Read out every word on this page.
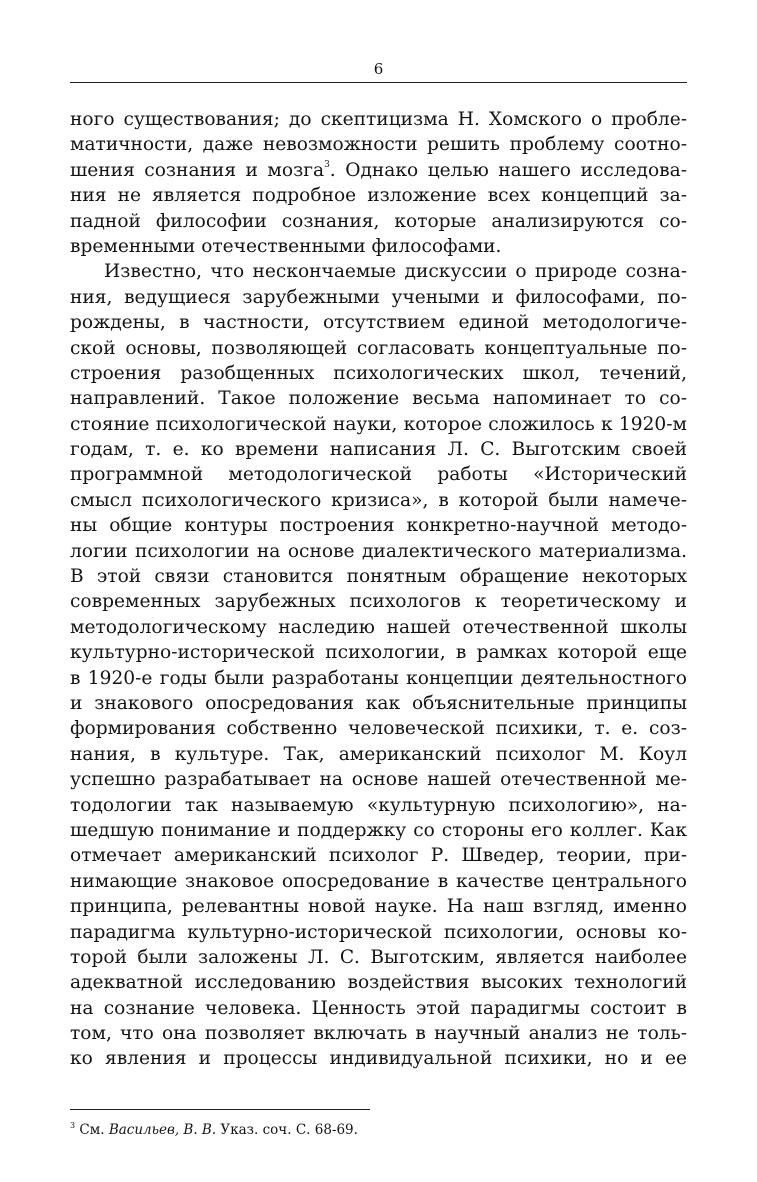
6
ного существования; до скептицизма Н. Хомского о пробле-
матичности, даже невозможности решить проблему соотно-
шения сознания и мозга$^3$. Однако целью нашего исследова-
ния не является подробное изложение всех концепций за-
падной философии сознания, которые анализируются со-
временными отечественными философами.
Известно, что нескончаемые дискуссии о природе созна-
ния, ведущиеся зарубежными учеными и философами, по-
рождены, в частности, отсутствием единой методологиче-
ской основы, позволяющей согласовать концептуальные по-
строения разобщенных психологических школ, течений,
направлений. Такое положение весьма напоминает то со-
стояние психологической науки, которое сложилось к 1920-м
годам, т. е. ко времени написания Л. С. Выготским своей
программной методологической работы «Исторический
смысл психологического кризиса», в которой были намече-
ны общие контуры построения конкретно-научной методо-
логии психологии на основе диалектического материализма.
В этой связи становится понятным обращение некоторых
современных зарубежных психологов к теоретическому и
методологическому наследию нашей отечественной школы
культурно-исторической психологии, в рамках которой еще
в 1920-е годы были разработаны концепции деятельностного
и знакового опосредования как объяснительные принципы
формирования собственно человеческой психики, т. е. соз-
нания, в культуре. Так, американский психолог М. Коул
успешно разрабатывает на основе нашей отечественной ме-
тодологии так называемую «культурную психологию», на-
шедшую понимание и поддержку со стороны его коллег. Как
отмечает американский психолог Р. Шведер, теории, при-
нимающие знаковое опосредование в качестве центрального
принципа, релевантны новой науке. На наш взгляд, именно
парадигма культурно-исторической психологии, основы ко-
торой были заложены Л. С. Выготским, является наиболее
адекватной исследованию воздействия высоких технологий
на сознание человека. Ценность этой парадигмы состоит в
том, что она позволяет включать в научный анализ не толь-
ко явления и процессы индивидуальной психики, но и ее
$^3$ См. Васильев, В. В. Указ. соч. С. 68-69.
